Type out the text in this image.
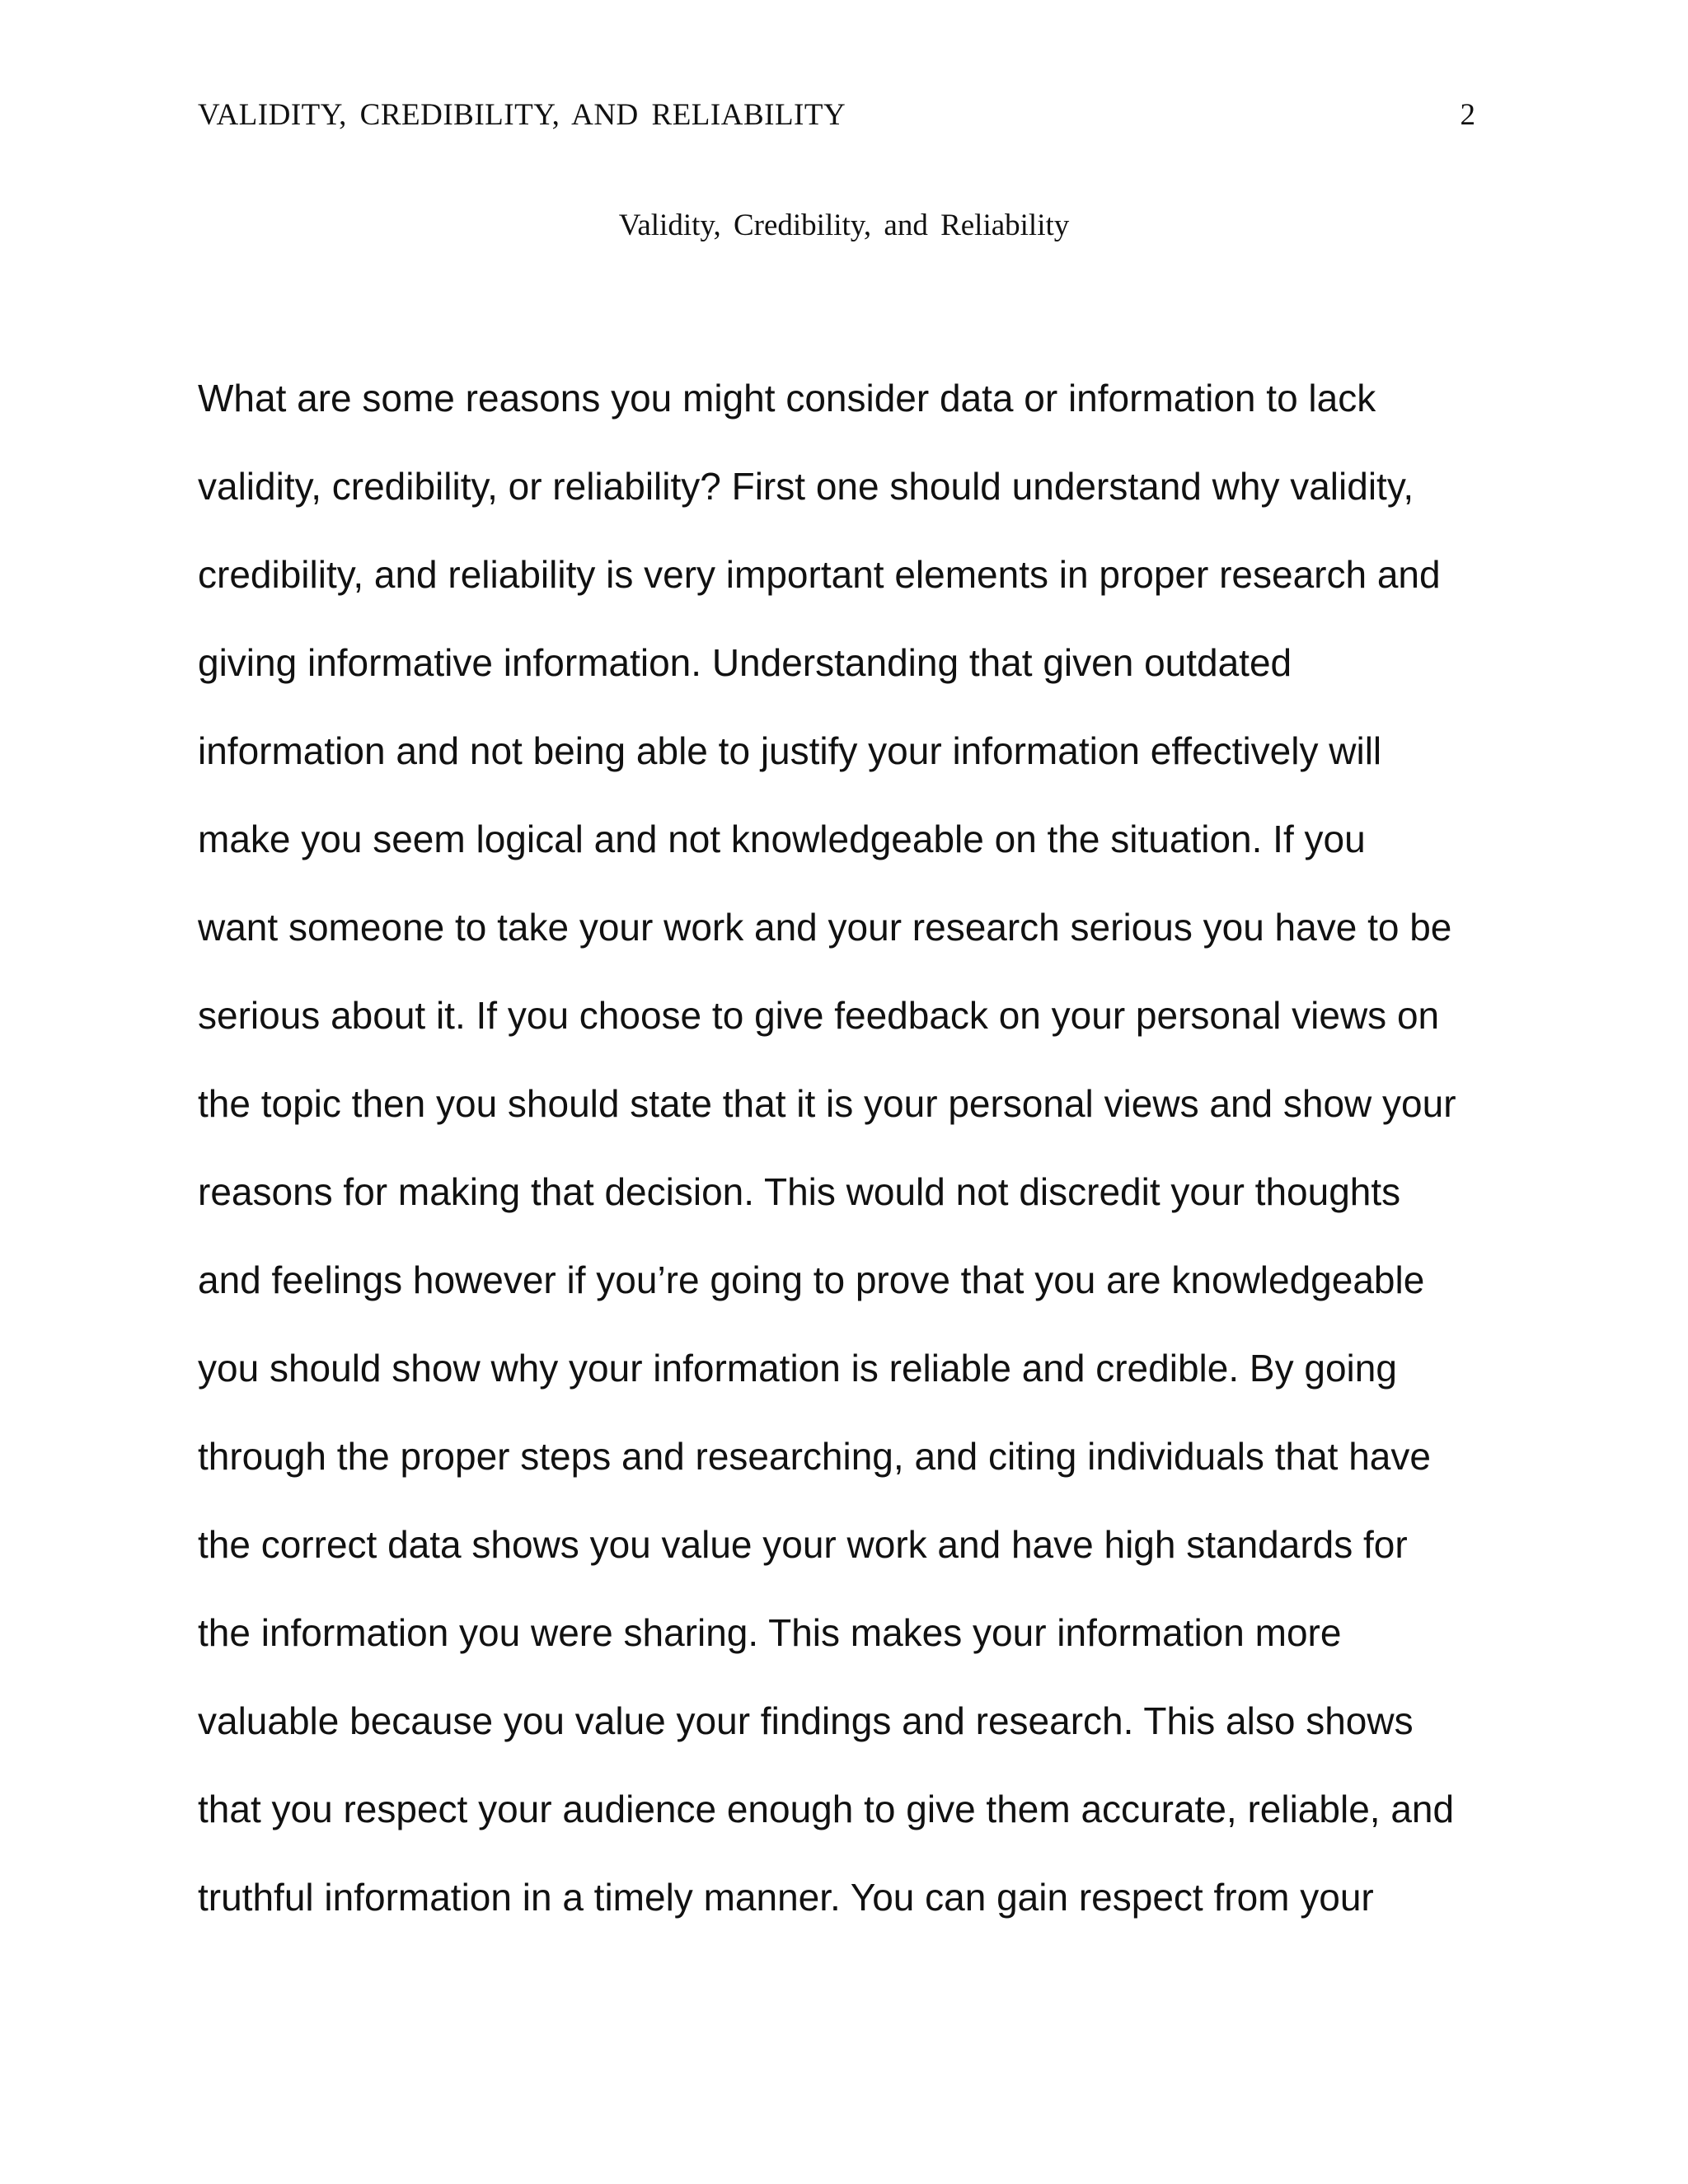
VALIDITY, CREDIBILITY, AND RELIABILITY	2
Validity, Credibility, and Reliability
What are some reasons you might consider data or information to lack
validity, credibility, or reliability? First one should understand why validity,
credibility, and reliability is very important elements in proper research and
giving informative information. Understanding that given outdated
information and not being able to justify your information effectively will
make you seem logical and not knowledgeable on the situation. If you
want someone to take your work and your research serious you have to be
serious about it. If you choose to give feedback on your personal views on
the topic then you should state that it is your personal views and show your
reasons for making that decision. This would not discredit your thoughts
and feelings however if you’re going to prove that you are knowledgeable
you should show why your information is reliable and credible. By going
through the proper steps and researching, and citing individuals that have
the correct data shows you value your work and have high standards for
the information you were sharing. This makes your information more
valuable because you value your findings and research. This also shows
that you respect your audience enough to give them accurate, reliable, and
truthful information in a timely manner. You can gain respect from your
